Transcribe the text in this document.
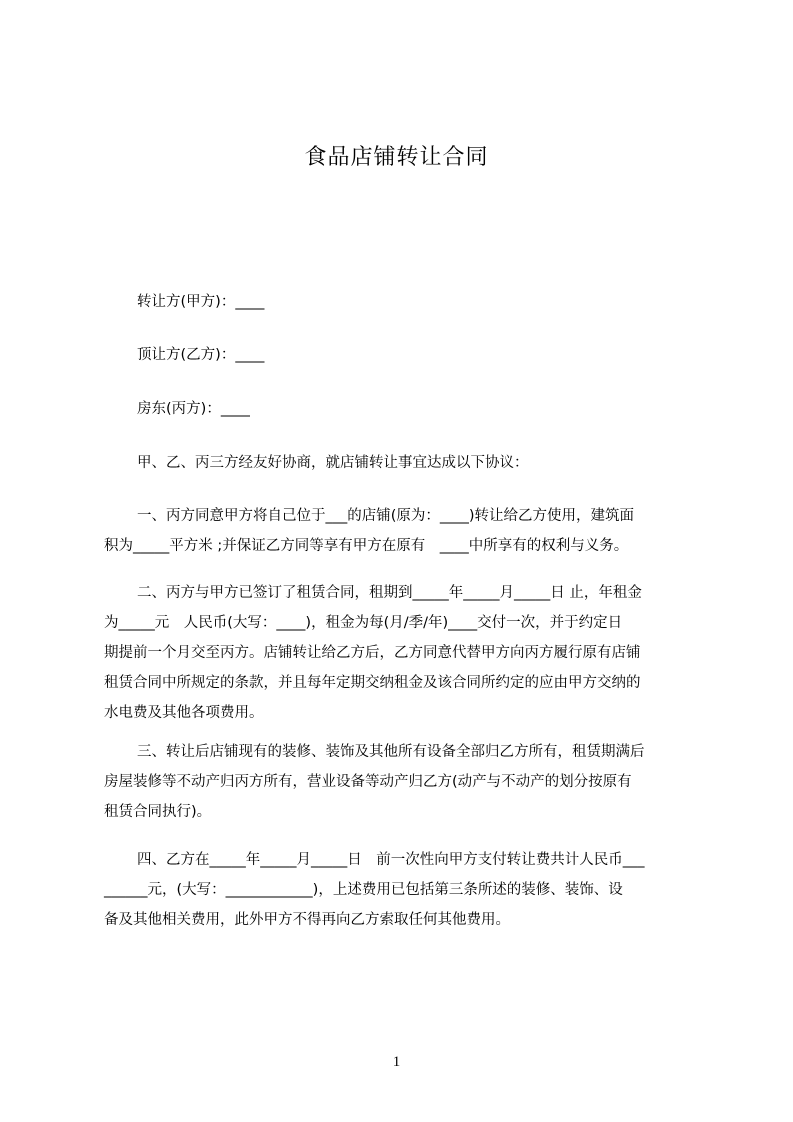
食品店铺转让合同
转让方(甲方)：____
顶让方(乙方)：____
房东(丙方)：____
甲、乙、丙三方经友好协商，就店铺转让事宜达成以下协议：
一、丙方同意甲方将自己位于___的店铺(原为：____)转让给乙方使用，建筑面
积为_____平方米 ;并保证乙方同等享有甲方在原有　____中所享有的权利与义务。
二、丙方与甲方已签订了租赁合同，租期到_____年_____月_____日 止，年租金
为_____元　人民币(大写：____)，租金为每(月/季/年)____交付一次，并于约定日
期提前一个月交至丙方。店铺转让给乙方后，乙方同意代替甲方向丙方履行原有店铺
租赁合同中所规定的条款，并且每年定期交纳租金及该合同所约定的应由甲方交纳的
水电费及其他各项费用。
三、转让后店铺现有的装修、装饰及其他所有设备全部归乙方所有，租赁期满后
房屋装修等不动产归丙方所有，营业设备等动产归乙方(动产与不动产的划分按原有
租赁合同执行)。
四、乙方在_____年_____月_____日　前一次性向甲方支付转让费共计人民币___
______元，(大写：____________)，上述费用已包括第三条所述的装修、装饰、设
备及其他相关费用，此外甲方不得再向乙方索取任何其他费用。
1
